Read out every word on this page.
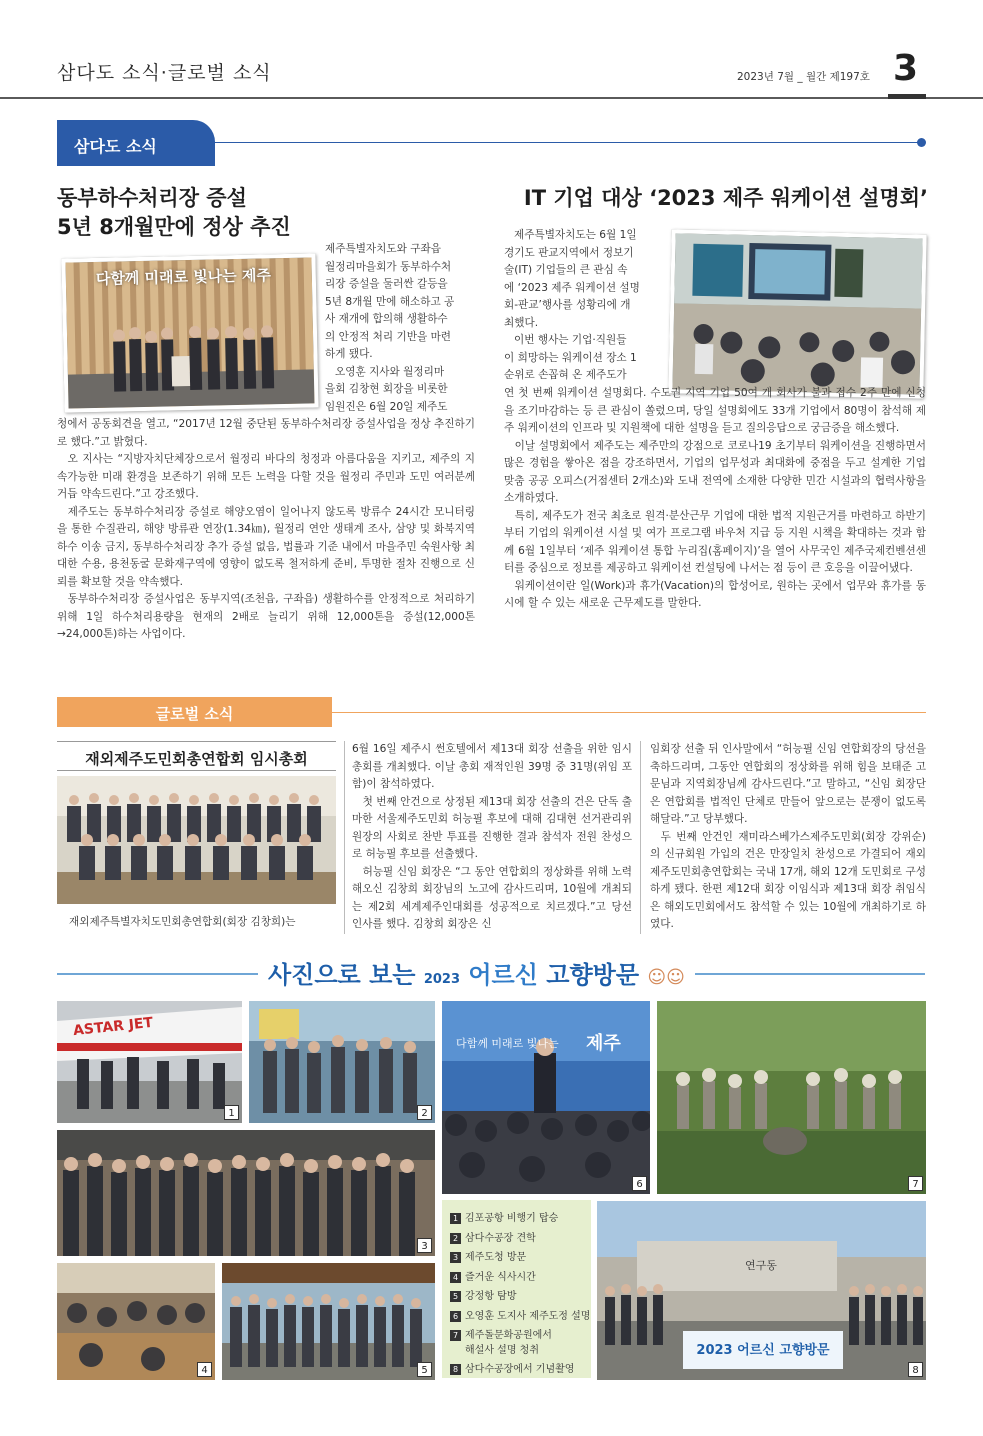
삼다도 소식·글로벌 소식	2023년 7월 _ 월간 제197호 3
삼다도 소식
동부하수처리장 증설
5년 8개월만에 정상 추진
다함께 미래로 빛나는 제주
제주특별자치도와 구좌읍
월정리마을회가 동부하수처
리장 증설을 둘러싼 갈등을
5년 8개월 만에 해소하고 공
사 재개에 합의해 생활하수
의 안정적 처리 기반을 마련
하게 됐다.
오영훈 지사와 월정리마
을회 김창현 회장을 비롯한
임원진은 6월 20일 제주도

청에서 공동회견을 열고, “2017년 12월 중단된 동부하수처리장 증설사업을 정상 추진하기로 했다.”고 밝혔다.

오 지사는 “지방자치단체장으로서 월정리 바다의 청정과 아름다움을 지키고, 제주의 지속가능한 미래 환경을 보존하기 위해 모든 노력을 다할 것을 월정리 주민과 도민 여러분께 거듭 약속드린다.”고 강조했다.

제주도는 동부하수처리장 증설로 해양오염이 일어나지 않도록 방류수 24시간 모니터링을 통한 수질관리, 해양 방류관 연장(1.34㎞), 월정리 연안 생태계 조사, 삼양 및 화북지역 하수 이송 금지, 동부하수처리장 추가 증설 없음, 법률과 기준 내에서 마을주민 숙원사항 최대한 수용, 용천동굴 문화재구역에 영향이 없도록 철저하게 준비, 투명한 절차 진행으로 신뢰를 확보할 것을 약속했다.

동부하수처리장 증설사업은 동부지역(조천읍, 구좌읍) 생활하수를 안정적으로 처리하기 위해 1일 하수처리용량을 현재의 2배로 늘리기 위해 12,000톤을 증설(12,000톤→24,000톤)하는 사업이다.

IT 기업 대상 ‘2023 제주 워케이션 설명회’
제주특별자치도는 6월 1일
경기도 판교지역에서 정보기
술(IT) 기업들의 큰 관심 속
에 ‘2023 제주 워케이션 설명
회-판교’행사를 성황리에 개
최했다.
이번 행사는 기업·직원들
이 희망하는 워케이션 장소 1
순위로 손꼽혀 온 제주도가

연 첫 번째 워케이션 설명회다. 수도권 지역 기업 50여 개 회사가 불과 접수 2주 만에 신청을 조기마감하는 등 큰 관심이 쏠렸으며, 당일 설명회에도 33개 기업에서 80명이 참석해 제주 워케이션의 인프라 및 지원책에 대한 설명을 듣고 질의응답으로 궁금증을 해소했다.

이날 설명회에서 제주도는 제주만의 강점으로 코로나19 초기부터 워케이션을 진행하면서 많은 경험을 쌓아온 점을 강조하면서, 기업의 업무성과 최대화에 중점을 두고 설계한 기업 맞춤 공공 오피스(거점센터 2개소)와 도내 전역에 소재한 다양한 민간 시설과의 협력사항을 소개하였다.

특히, 제주도가 전국 최초로 원격·분산근무 기업에 대한 법적 지원근거를 마련하고 하반기부터 기업의 워케이션 시설 및 여가 프로그램 바우처 지급 등 지원 시책을 확대하는 것과 함께 6월 1일부터 ‘제주 워케이션 통합 누리집(홈페이지)’을 열어 사무국인 제주국제컨벤션센터를 중심으로 정보를 제공하고 워케이션 컨설팅에 나서는 점 등이 큰 호응을 이끌어냈다.

워케이션이란 일(Work)과 휴가(Vacation)의 합성어로, 원하는 곳에서 업무와 휴가를 동시에 할 수 있는 새로운 근무제도를 말한다.

글로벌 소식
재외제주도민회총연합회 임시총회
재외제주특별자치도민회총연합회(회장 김창희)는

6월 16일 제주시 썬호텔에서 제13대 회장 선출을 위한 임시총회를 개최했다. 이날 총회 재적인원 39명 중 31명(위임 포함)이 참석하였다.

첫 번째 안건으로 상정된 제13대 회장 선출의 건은 단독 출마한 서울제주도민회 허능필 후보에 대해 김대현 선거관리위원장의 사회로 찬반 투표를 진행한 결과 참석자 전원 찬성으로 허능필 후보를 선출했다.

허능필 신임 회장은 “그 동안 연합회의 정상화를 위해 노력해오신 김창희 회장님의 노고에 감사드리며, 10월에 개최되는 제2회 세계제주인대회를 성공적으로 치르겠다.”고 당선 인사를 했다. 김창희 회장은 신

임회장 선출 뒤 인사말에서 “허능필 신임 연합회장의 당선을 축하드리며, 그동안 연합회의 정상화를 위해 힘을 보태준 고문님과 지역회장님께 감사드린다.”고 말하고, “신임 회장단은 연합회를 법적인 단체로 만들어 앞으로는 분쟁이 없도록 해달라.”고 당부했다.

두 번째 안건인 재미라스베가스제주도민회(회장 강위순)의 신규회원 가입의 건은 만장일치 찬성으로 가결되어 재외제주도민회총연합회는 국내 17개, 해외 12개 도민회로 구성하게 됐다. 한편 제12대 회장 이임식과 제13대 회장 취임식은 해외도민회에서도 참석할 수 있는 10월에 개최하기로 하였다.

사진으로 보는 2023 어르신 고향방문 ☺☺
ASTAR JET
1	2
3
4	5
다함께 미래로 빛나는 제주
6	7
1 김포공항 비행기 탑승
2 삼다수공장 견학
3 제주도청 방문
4 즐거운 식사시간
5 강정항 탐방
6 오영훈 도지사 제주도정 설명
7 제주돌문화공원에서
해설사 설명 청취
8 삼다수공장에서 기념촬영
연구동
2023 어르신 고향방문
8
